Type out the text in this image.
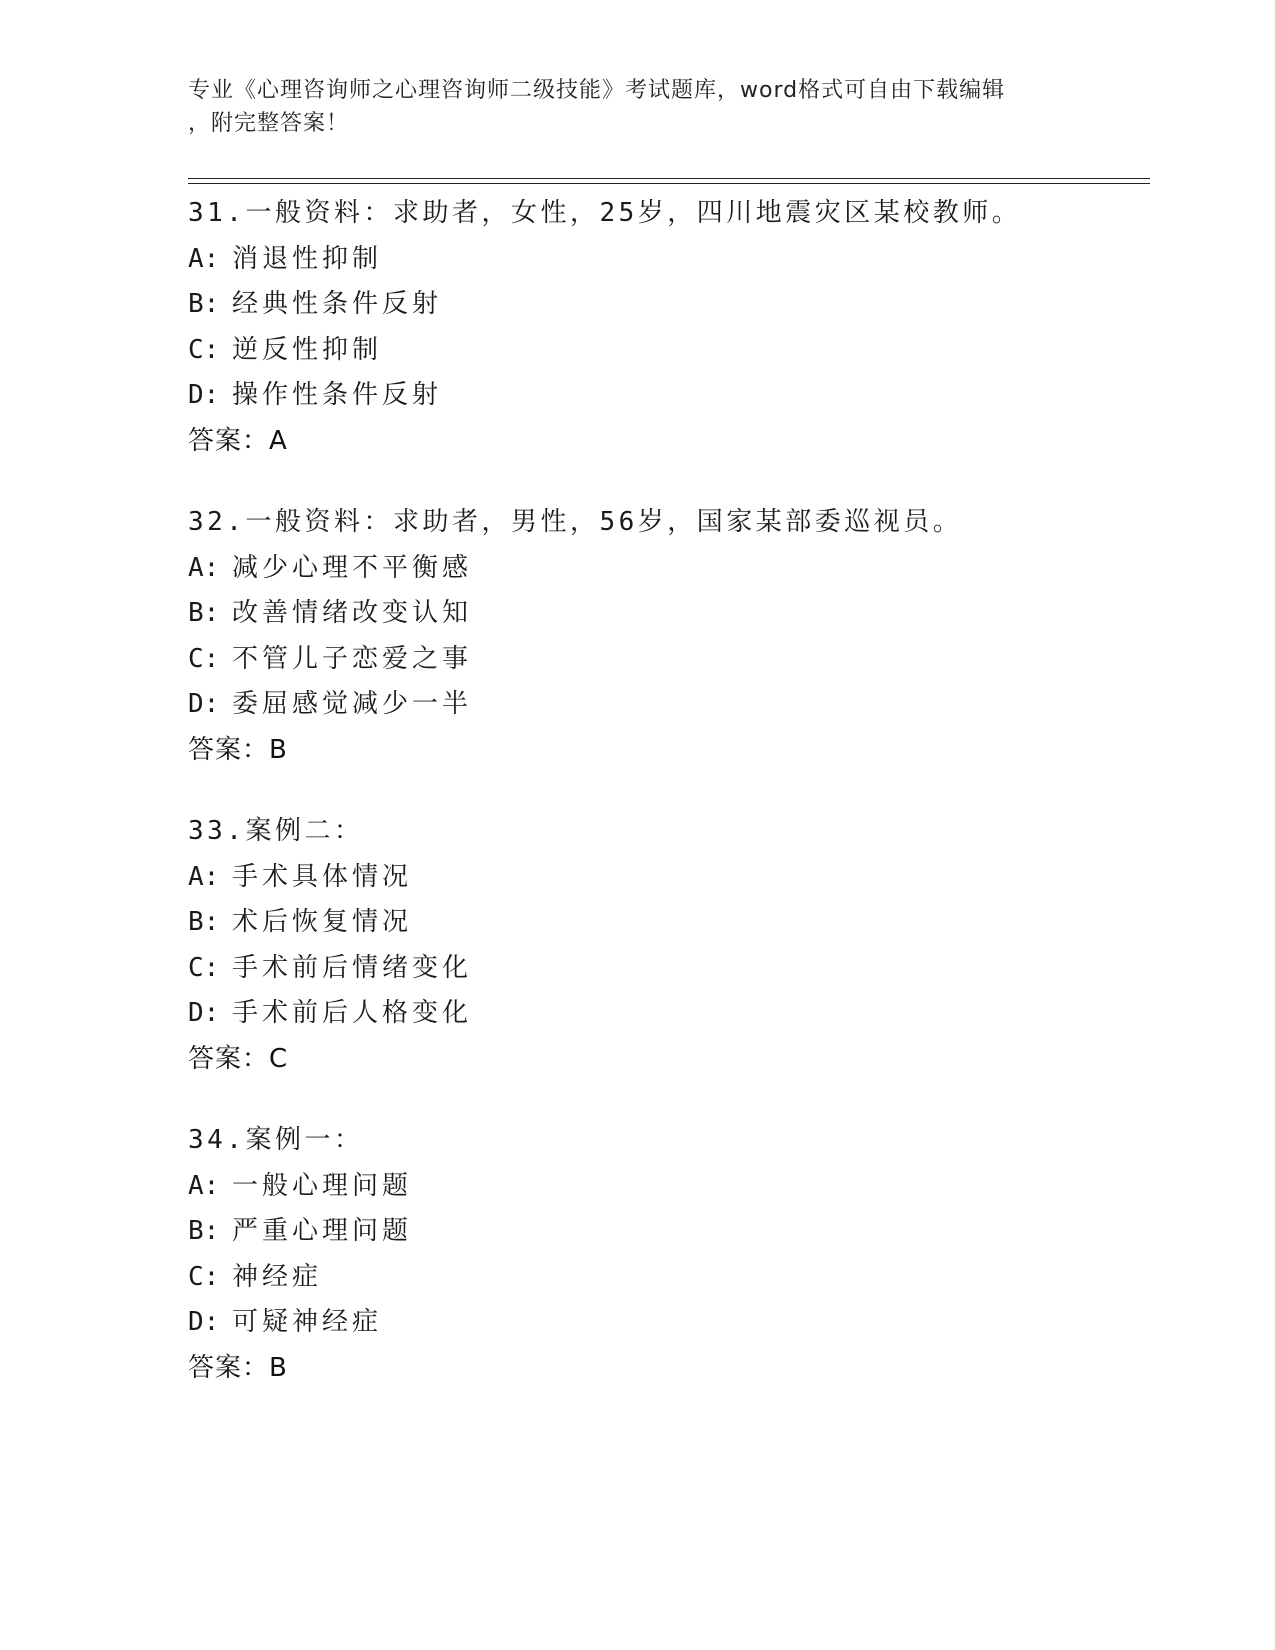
专业《心理咨询师之心理咨询师二级技能》考试题库，word格式可自由下载编辑
，附完整答案！
31.一般资料：求助者，女性，25岁，四川地震灾区某校教师。
A: 消退性抑制
B: 经典性条件反射
C: 逆反性抑制
D: 操作性条件反射
答案：A
32.一般资料：求助者，男性，56岁，国家某部委巡视员。
A: 减少心理不平衡感
B: 改善情绪改变认知
C: 不管儿子恋爱之事
D: 委屈感觉减少一半
答案：B
33.案例二：
A: 手术具体情况
B: 术后恢复情况
C: 手术前后情绪变化
D: 手术前后人格变化
答案：C
34.案例一：
A: 一般心理问题
B: 严重心理问题
C: 神经症
D: 可疑神经症
答案：B
